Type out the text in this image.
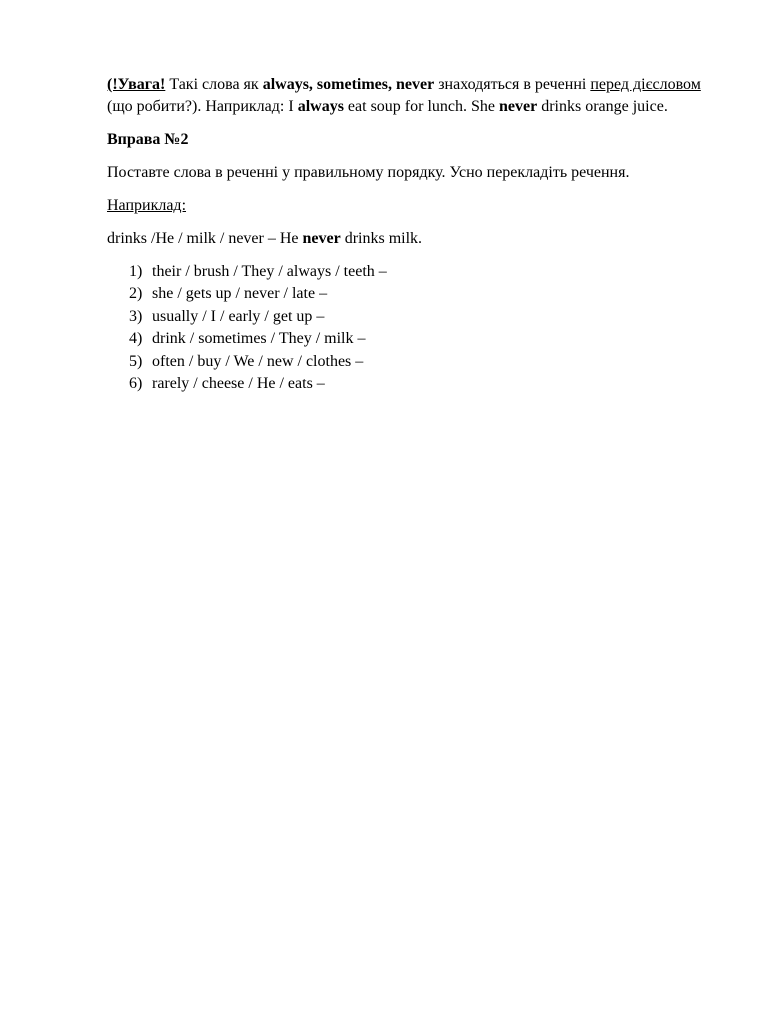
(!Увага! Такі слова як always, sometimes, never знаходяться в реченні перед дієсловом (що робити?). Наприклад: I always eat soup for lunch. She never drinks orange juice.

Вправа №2

Поставте слова в реченні у правильному порядку. Усно перекладіть речення.

Наприклад:

drinks /He / milk / never – He never drinks milk.

1) their / brush / They / always / teeth –
2) she / gets up / never / late –
3) usually / I / early / get up –
4) drink / sometimes / They / milk –
5) often / buy / We / new / clothes –
6) rarely / cheese / He / eats –
